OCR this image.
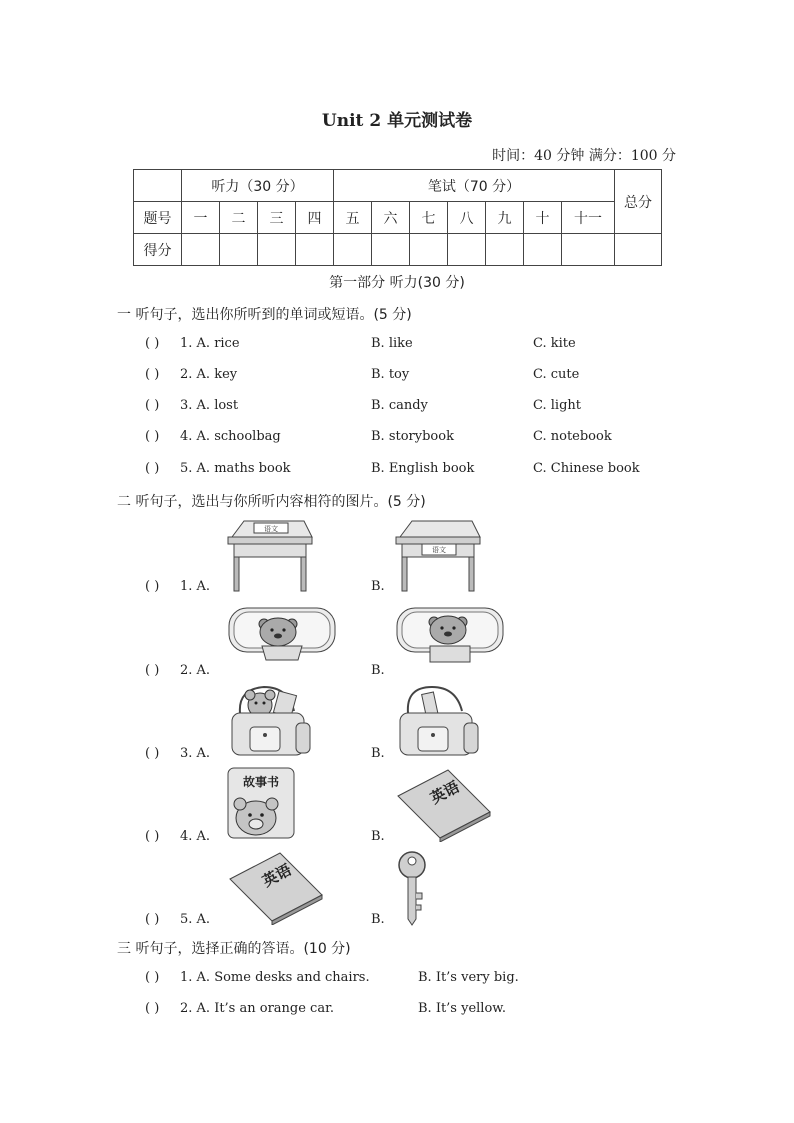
Unit 2 单元测试卷
时间：40 分钟 满分：100 分
	听力（30 分）				笔试（70 分）							总分
题号	一	二	三	四	五	六	七	八	九	十	十一	
得分												
第一部分 听力(30 分)
一 听句子，选出你所听到的单词或短语。(5 分)
( ) 1. A. rice	B. like	C. kite
( ) 2. A. key	B. toy	C. cute
( ) 3. A. lost	B. candy	C. light
( ) 4. A. schoolbag	B. storybook	C. notebook
( ) 5. A. maths book	B. English book	C. Chinese book
二 听句子，选出与你所听内容相符的图片。(5 分)
( ) 1. A.	B.
语文
语文
( ) 2. A.	B.
( ) 3. A.	B.
( ) 4. A.	B.
故事书	英语
( ) 5. A.	B.
英语
三 听句子，选择正确的答语。(10 分)
( ) 1. A. Some desks and chairs.	B. It’s very big.
( ) 2. A. It’s an orange car.	B. It’s yellow.
